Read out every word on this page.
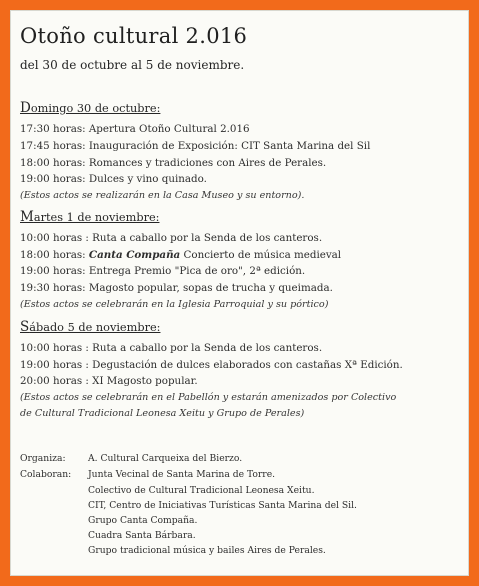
Otoño cultural 2.016
del 30 de octubre al 5 de noviembre.
Domingo 30 de octubre:
17:30 horas: Apertura Otoño Cultural 2.016
17:45 horas: Inauguración de Exposición: CIT Santa Marina del Sil
18:00 horas: Romances y tradiciones con Aires de Perales.
19:00 horas: Dulces y vino quinado.
(Estos actos se realizarán en la Casa Museo y su entorno).
Martes 1 de noviembre:
10:00 horas : Ruta a caballo por la Senda de los canteros.
18:00 horas: Canta Compaña Concierto de música medieval
19:00 horas: Entrega Premio "Pica de oro", 2ª edición.
19:30 horas: Magosto popular, sopas de trucha y queimada.
(Estos actos se celebrarán en la Iglesia Parroquial y su pórtico)
Sábado 5 de noviembre:
10:00 horas : Ruta a caballo por la Senda de los canteros.
19:00 horas : Degustación de dulces elaborados con castañas Xª Edición.
20:00 horas : XI Magosto popular.
(Estos actos se celebrarán en el Pabellón y estarán amenizados por Colectivo
de Cultural Tradicional Leonesa Xeitu y Grupo de Perales)
Organiza: A. Cultural Carqueixa del Bierzo.
Colaboran: Junta Vecinal de Santa Marina de Torre.
Colectivo de Cultural Tradicional Leonesa Xeitu.
CIT, Centro de Iniciativas Turísticas Santa Marina del Sil.
Grupo Canta Compaña.
Cuadra Santa Bárbara.
Grupo tradicional música y bailes Aires de Perales.
